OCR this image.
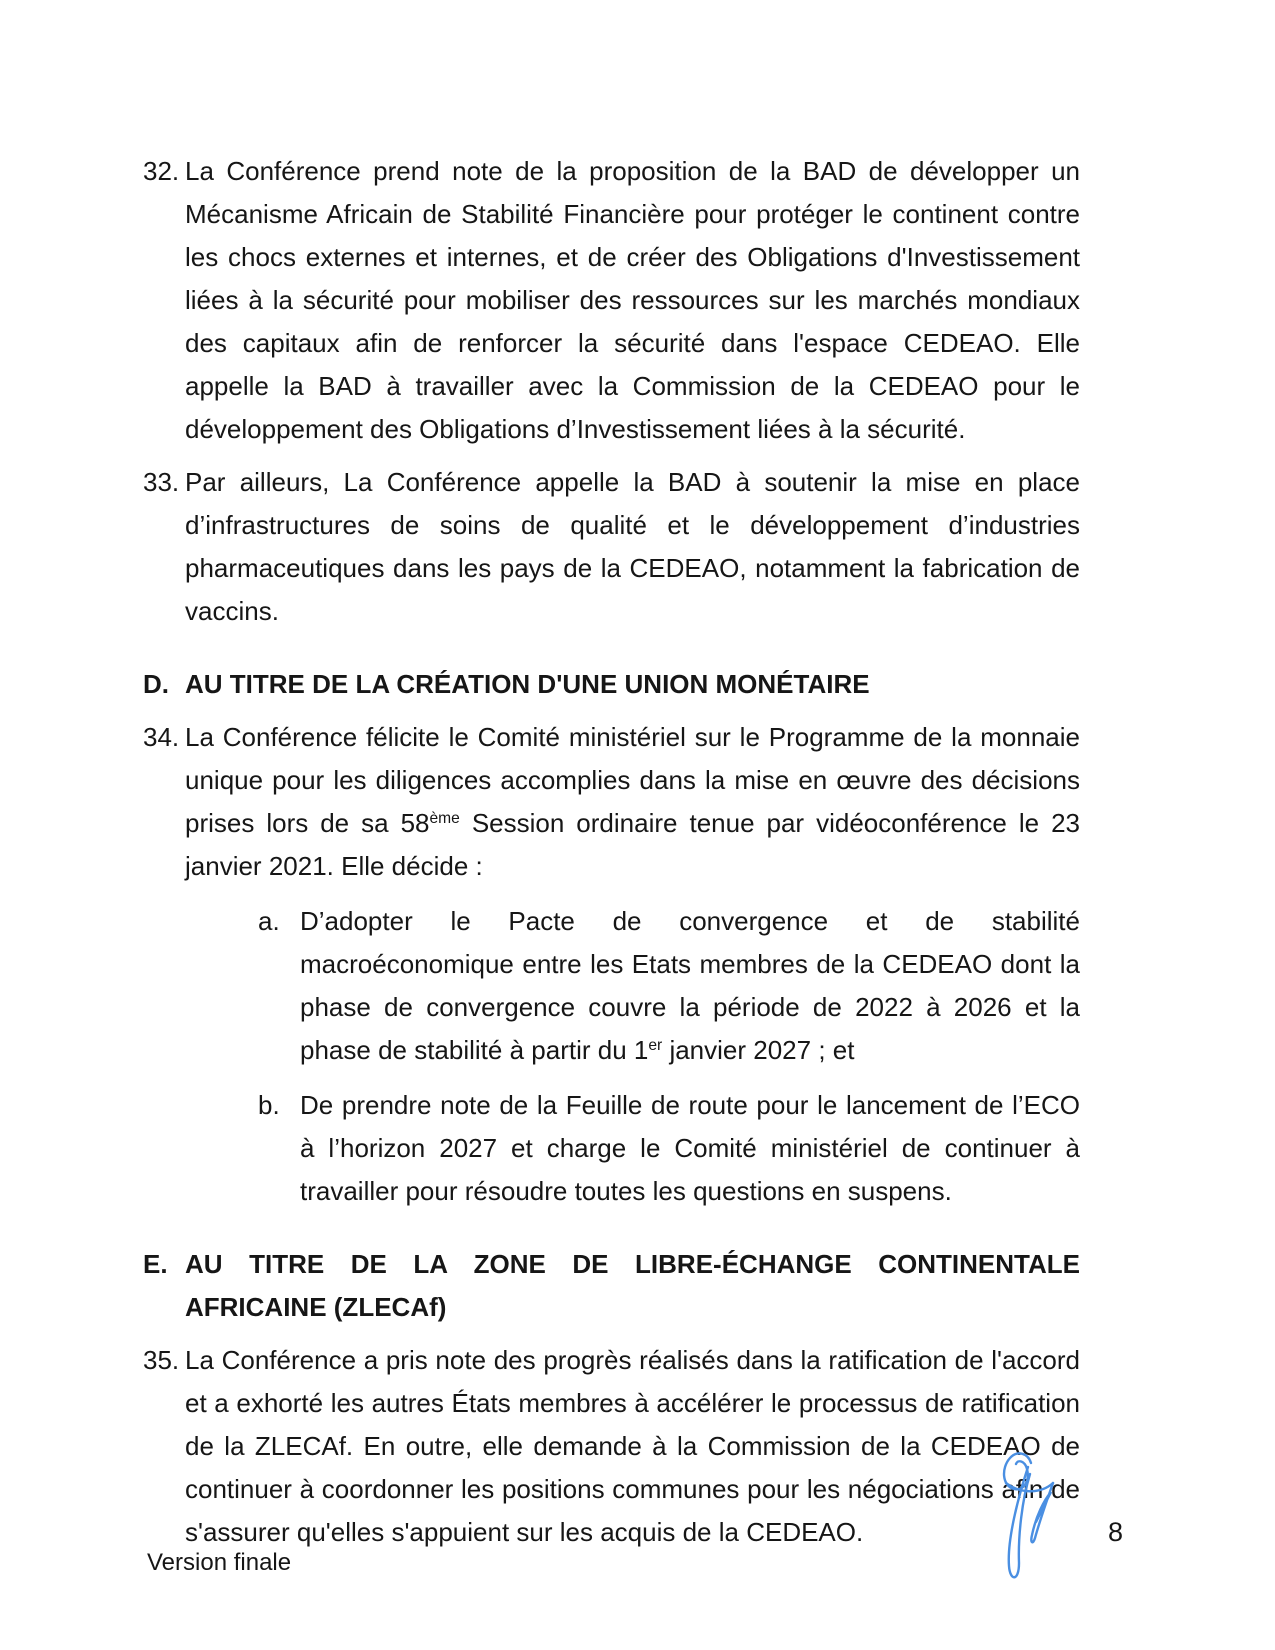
32. La Conférence prend note de la proposition de la BAD de développer un Mécanisme Africain de Stabilité Financière pour protéger le continent contre les chocs externes et internes, et de créer des Obligations d'Investissement liées à la sécurité pour mobiliser des ressources sur les marchés mondiaux des capitaux afin de renforcer la sécurité dans l'espace CEDEAO. Elle appelle la BAD à travailler avec la Commission de la CEDEAO pour le développement des Obligations d’Investissement liées à la sécurité.

33. Par ailleurs, La Conférence appelle la BAD à soutenir la mise en place d’infrastructures de soins de qualité et le développement d’industries pharmaceutiques dans les pays de la CEDEAO, notamment la fabrication de vaccins.

D. AU TITRE DE LA CRÉATION D'UNE UNION MONÉTAIRE

34. La Conférence félicite le Comité ministériel sur le Programme de la monnaie unique pour les diligences accomplies dans la mise en œuvre des décisions prises lors de sa 58ème Session ordinaire tenue par vidéoconférence le 23 janvier 2021. Elle décide :

a. D’adopter le Pacte de convergence et de stabilité macroéconomique entre les Etats membres de la CEDEAO dont la phase de convergence couvre la période de 2022 à 2026 et la phase de stabilité à partir du 1er janvier 2027 ; et

b. De prendre note de la Feuille de route pour le lancement de l’ECO à l’horizon 2027 et charge le Comité ministériel de continuer à travailler pour résoudre toutes les questions en suspens.

E. AU TITRE DE LA ZONE DE LIBRE-ÉCHANGE CONTINENTALE AFRICAINE (ZLECAf)

35. La Conférence a pris note des progrès réalisés dans la ratification de l'accord et a exhorté les autres États membres à accélérer le processus de ratification de la ZLECAf. En outre, elle demande à la Commission de la CEDEAO de continuer à coordonner les positions communes pour les négociations afin de s'assurer qu'elles s'appuient sur les acquis de la CEDEAO.	8
Version finale
